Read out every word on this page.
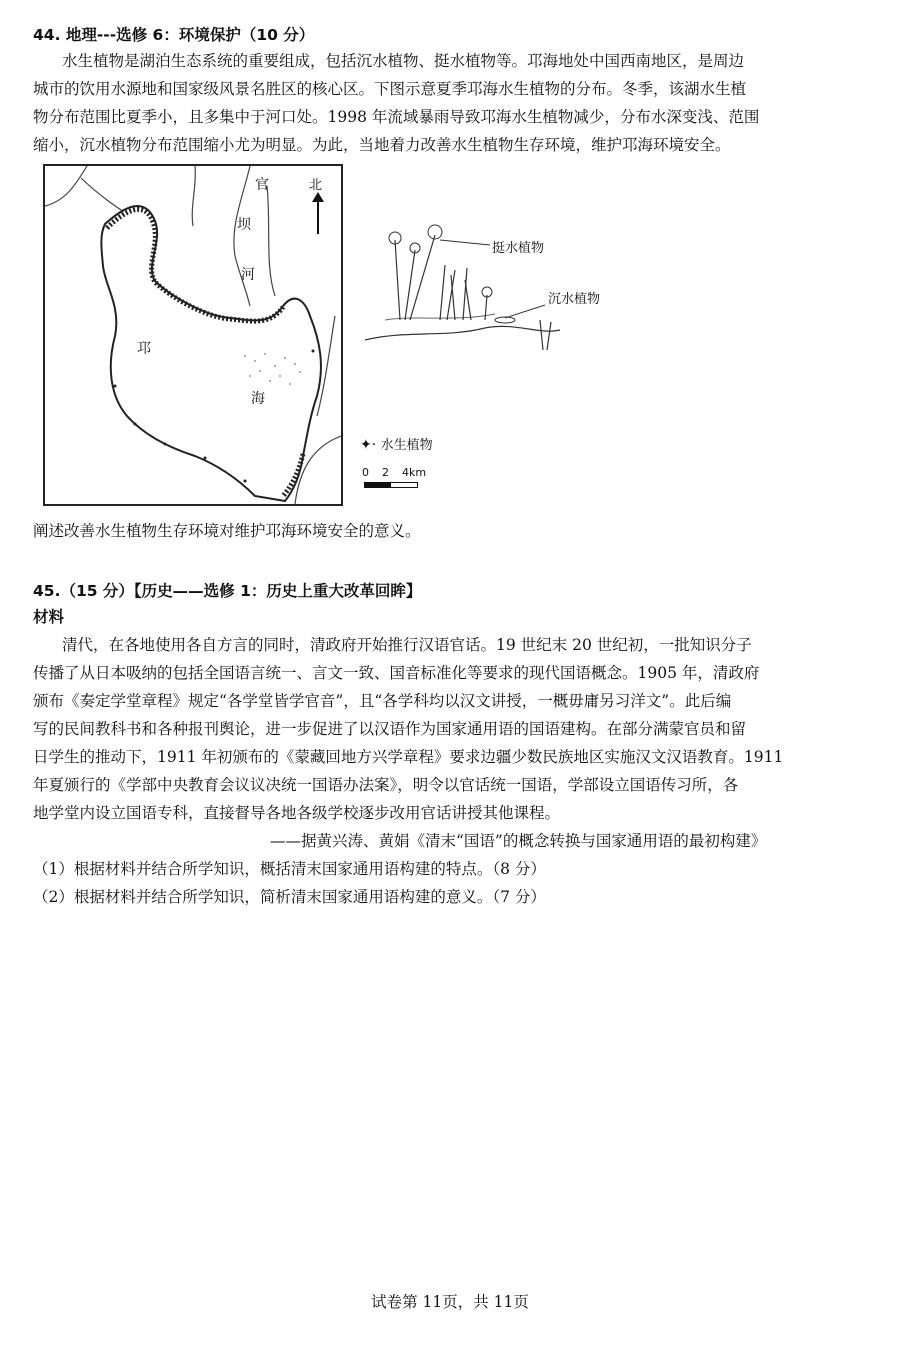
44. 地理---选修 6：环境保护（10 分）
水生植物是湖泊生态系统的重要组成，包括沉水植物、挺水植物等。邛海地处中国西南地区，是周边
城市的饮用水源地和国家级风景名胜区的核心区。下图示意夏季邛海水生植物的分布。冬季，该湖水生植
物分布范围比夏季小，且多集中于河口处。1998 年流域暴雨导致邛海水生植物减少，分布水深变浅、范围
缩小，沉水植物分布范围缩小尤为明显。为此，当地着力改善水生植物生存环境，维护邛海环境安全。
官
坝
河
邛
海
北
挺水植物
沉水植物
✦· 水生植物
0 2 4km
阐述改善水生植物生存环境对维护邛海环境安全的意义。
45.（15 分）【历史——选修 1：历史上重大改革回眸】
材料
清代，在各地使用各自方言的同时，清政府开始推行汉语官话。19 世纪末 20 世纪初，一批知识分子
传播了从日本吸纳的包括全国语言统一、言文一致、国音标准化等要求的现代国语概念。1905 年，清政府
颁布《奏定学堂章程》规定“各学堂皆学官音”，且“各学科均以汉文讲授，一概毋庸另习洋文”。此后编
写的民间教科书和各种报刊舆论，进一步促进了以汉语作为国家通用语的国语建构。在部分满蒙官员和留
日学生的推动下，1911 年初颁布的《蒙藏回地方兴学章程》要求边疆少数民族地区实施汉文汉语教育。1911
年夏颁行的《学部中央教育会议议决统一国语办法案》，明令以官话统一国语，学部设立国语传习所，各
地学堂内设立国语专科，直接督导各地各级学校逐步改用官话讲授其他课程。
——据黄兴涛、黄娟《清末“国语”的概念转换与国家通用语的最初构建》
（1）根据材料并结合所学知识，概括清末国家通用语构建的特点。（8 分）
（2）根据材料并结合所学知识，简析清末国家通用语构建的意义。（7 分）
试卷第 11页，共 11页
